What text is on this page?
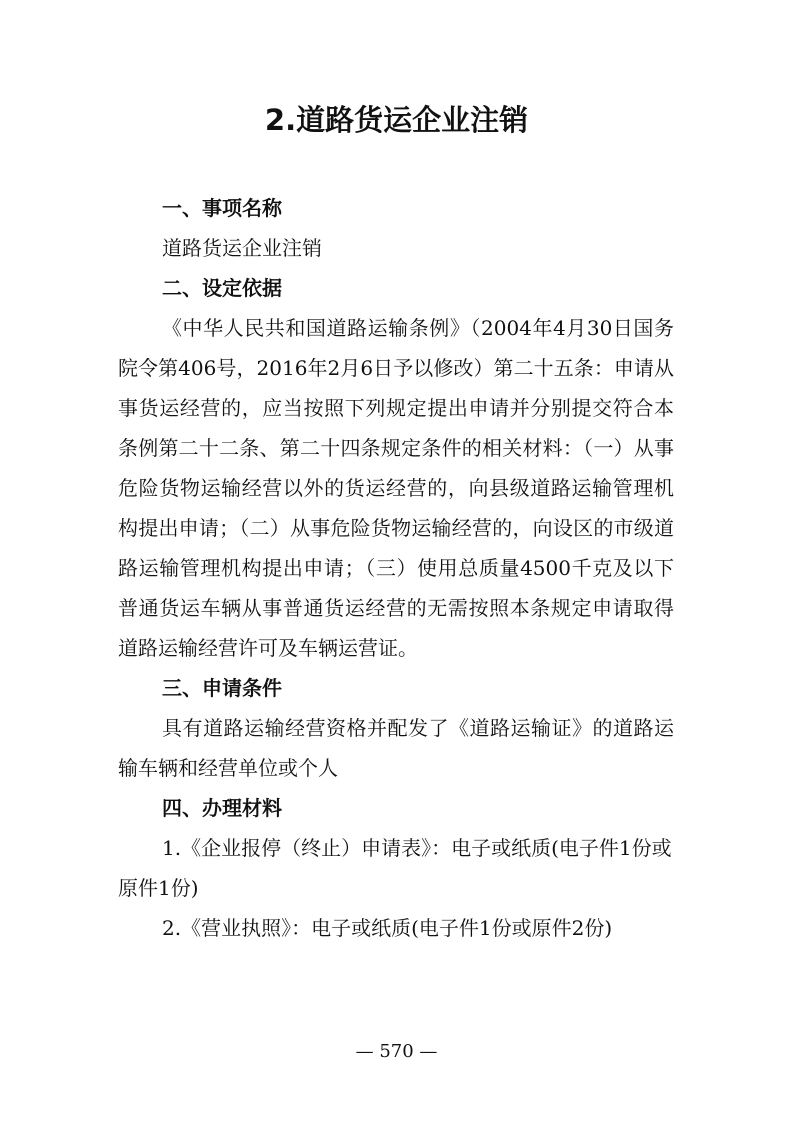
2.道路货运企业注销

一、事项名称

道路货运企业注销

二、设定依据

《中华人民共和国道路运输条例》（2004年4月30日国务院令第406号，2016年2月6日予以修改）第二十五条：申请从事货运经营的，应当按照下列规定提出申请并分别提交符合本条例第二十二条、第二十四条规定条件的相关材料：（一）从事危险货物运输经营以外的货运经营的，向县级道路运输管理机构提出申请；（二）从事危险货物运输经营的，向设区的市级道路运输管理机构提出申请；（三）使用总质量4500千克及以下普通货运车辆从事普通货运经营的无需按照本条规定申请取得道路运输经营许可及车辆运营证。

三、申请条件

具有道路运输经营资格并配发了《道路运输证》的道路运输车辆和经营单位或个人

四、办理材料

1.《企业报停（终止）申请表》：电子或纸质(电子件1份或原件1份)

2.《营业执照》：电子或纸质(电子件1份或原件2份)

— 570 —
